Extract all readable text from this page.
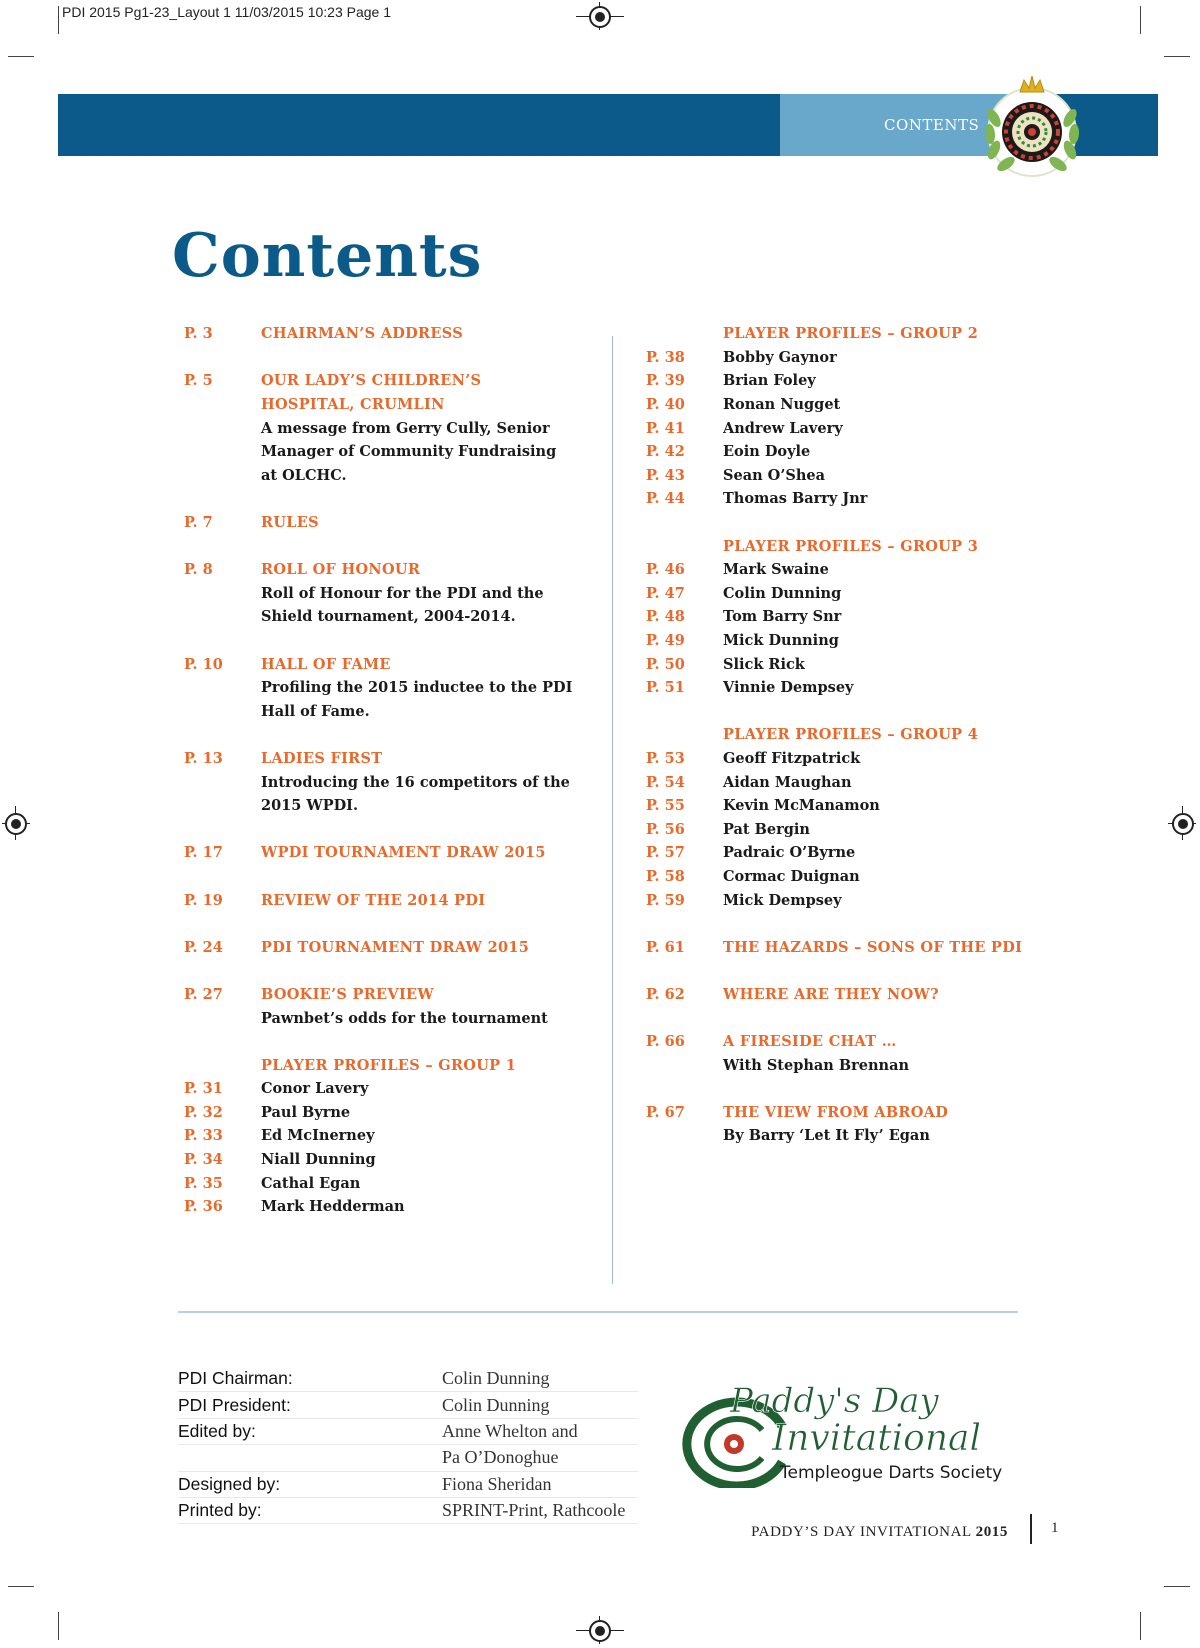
PDI 2015 Pg1-23_Layout 1 11/03/2015 10:23 Page 1
CONTENTS
Contents
P. 3	CHAIRMAN’S ADDRESS
P. 5	OUR LADY’S CHILDREN’S
HOSPITAL, CRUMLIN
A message from Gerry Cully, Senior
Manager of Community Fundraising
at OLCHC.
P. 7	RULES
P. 8	ROLL OF HONOUR
Roll of Honour for the PDI and the
Shield tournament, 2004-2014.
P. 10	HALL OF FAME
Profiling the 2015 inductee to the PDI
Hall of Fame.
P. 13	LADIES FIRST
Introducing the 16 competitors of the
2015 WPDI.
P. 17	WPDI TOURNAMENT DRAW 2015
P. 19	REVIEW OF THE 2014 PDI
P. 24	PDI TOURNAMENT DRAW 2015
P. 27	BOOKIE’S PREVIEW
Pawnbet’s odds for the tournament
PLAYER PROFILES – GROUP 1
P. 31	Conor Lavery
P. 32	Paul Byrne
P. 33	Ed McInerney
P. 34	Niall Dunning
P. 35	Cathal Egan
P. 36	Mark Hedderman
PLAYER PROFILES – GROUP 2
P. 38	Bobby Gaynor
P. 39	Brian Foley
P. 40	Ronan Nugget
P. 41	Andrew Lavery
P. 42	Eoin Doyle
P. 43	Sean O’Shea
P. 44	Thomas Barry Jnr
PLAYER PROFILES – GROUP 3
P. 46	Mark Swaine
P. 47	Colin Dunning
P. 48	Tom Barry Snr
P. 49	Mick Dunning
P. 50	Slick Rick
P. 51	Vinnie Dempsey
PLAYER PROFILES – GROUP 4
P. 53	Geoff Fitzpatrick
P. 54	Aidan Maughan
P. 55	Kevin McManamon
P. 56	Pat Bergin
P. 57	Padraic O’Byrne
P. 58	Cormac Duignan
P. 59	Mick Dempsey
P. 61	THE HAZARDS – SONS OF THE PDI
P. 62	WHERE ARE THEY NOW?
P. 66	A FIRESIDE CHAT …
With Stephan Brennan
P. 67	THE VIEW FROM ABROAD
By Barry ‘Let It Fly’ Egan
PDI Chairman:	Colin Dunning
PDI President:	Colin Dunning
Edited by:	Anne Whelton and
Pa O’Donoghue
Designed by:	Fiona Sheridan
Printed by:	SPRINT-Print, Rathcoole
Paddy's Day
Invitational
Templeogue Darts Society
PADDY’S DAY INVITATIONAL 2015	1
